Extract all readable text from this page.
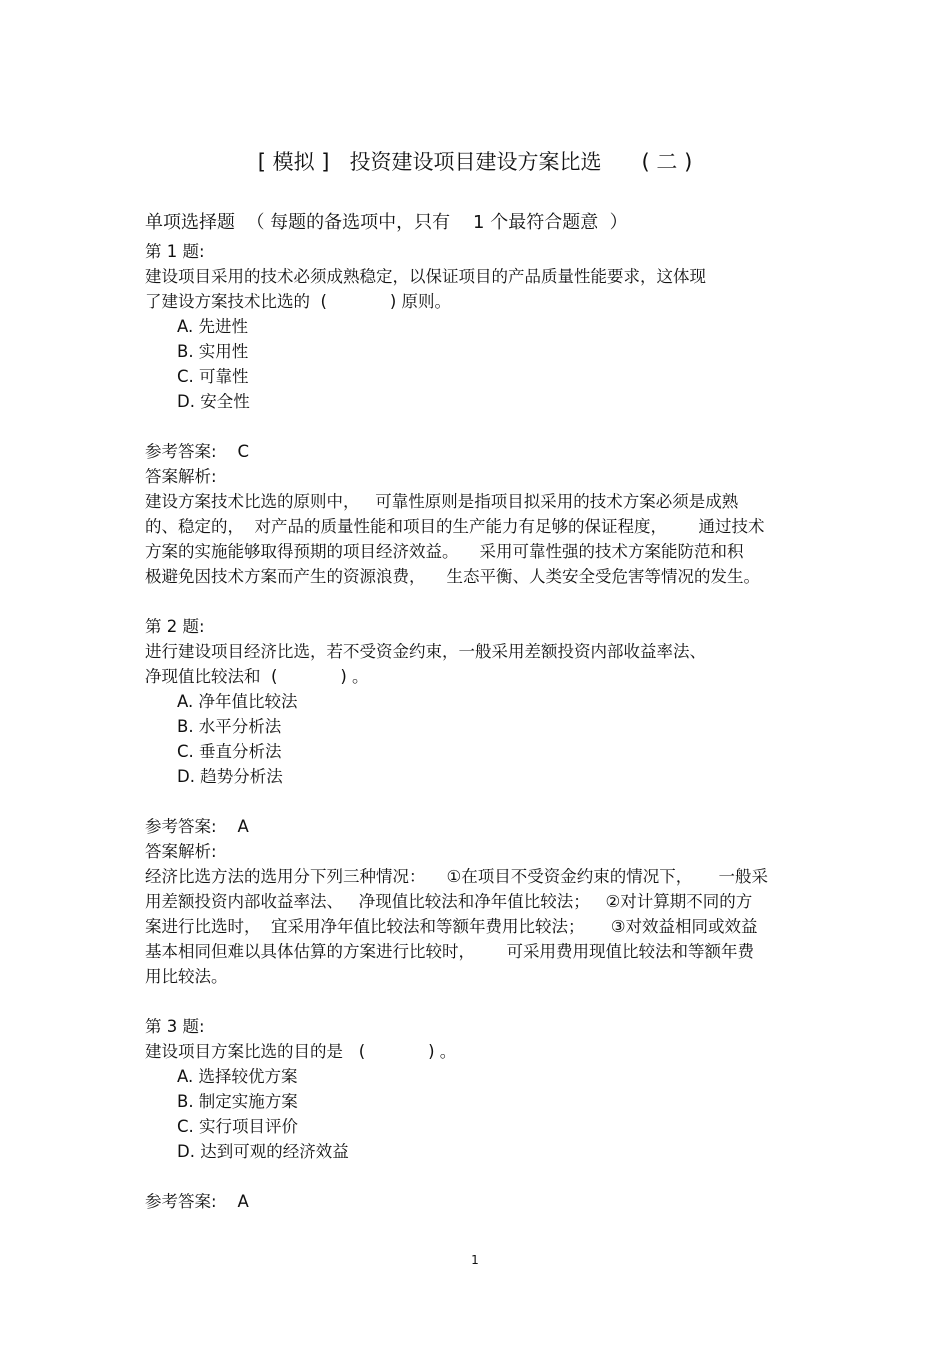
[ 模拟 ]   投资建设项目建设方案比选      ( 二 )
单项选择题  （ 每题的备选项中，只有    1 个最符合题意  ）
第 1 题:
建设项目采用的技术必须成熟稳定，以保证项目的产品质量性能要求，这体现
了建设方案技术比选的  (            ) 原则。
A. 先进性
B. 实用性
C. 可靠性
D. 安全性
参考答案:    C
答案解析:
建设方案技术比选的原则中，   可靠性原则是指项目拟采用的技术方案必须是成熟
的、稳定的，  对产品的质量性能和项目的生产能力有足够的保证程度，      通过技术
方案的实施能够取得预期的项目经济效益。    采用可靠性强的技术方案能防范和积
极避免因技术方案而产生的资源浪费，    生态平衡、人类安全受危害等情况的发生。
第 2 题:
进行建设项目经济比选，若不受资金约束，一般采用差额投资内部收益率法、
净现值比较法和  (            ) 。
A. 净年值比较法
B. 水平分析法
C. 垂直分析法
D. 趋势分析法
参考答案:    A
答案解析:
经济比选方法的选用分下列三种情况：    ①在项目不受资金约束的情况下，     一般采
用差额投资内部收益率法、   净现值比较法和净年值比较法；   ②对计算期不同的方
案进行比选时，  宜采用净年值比较法和等额年费用比较法；     ③对效益相同或效益
基本相同但难以具体估算的方案进行比较时，      可采用费用现值比较法和等额年费
用比较法。
第 3 题:
建设项目方案比选的目的是   (            ) 。
A. 选择较优方案
B. 制定实施方案
C. 实行项目评价
D. 达到可观的经济效益
参考答案:    A
1
